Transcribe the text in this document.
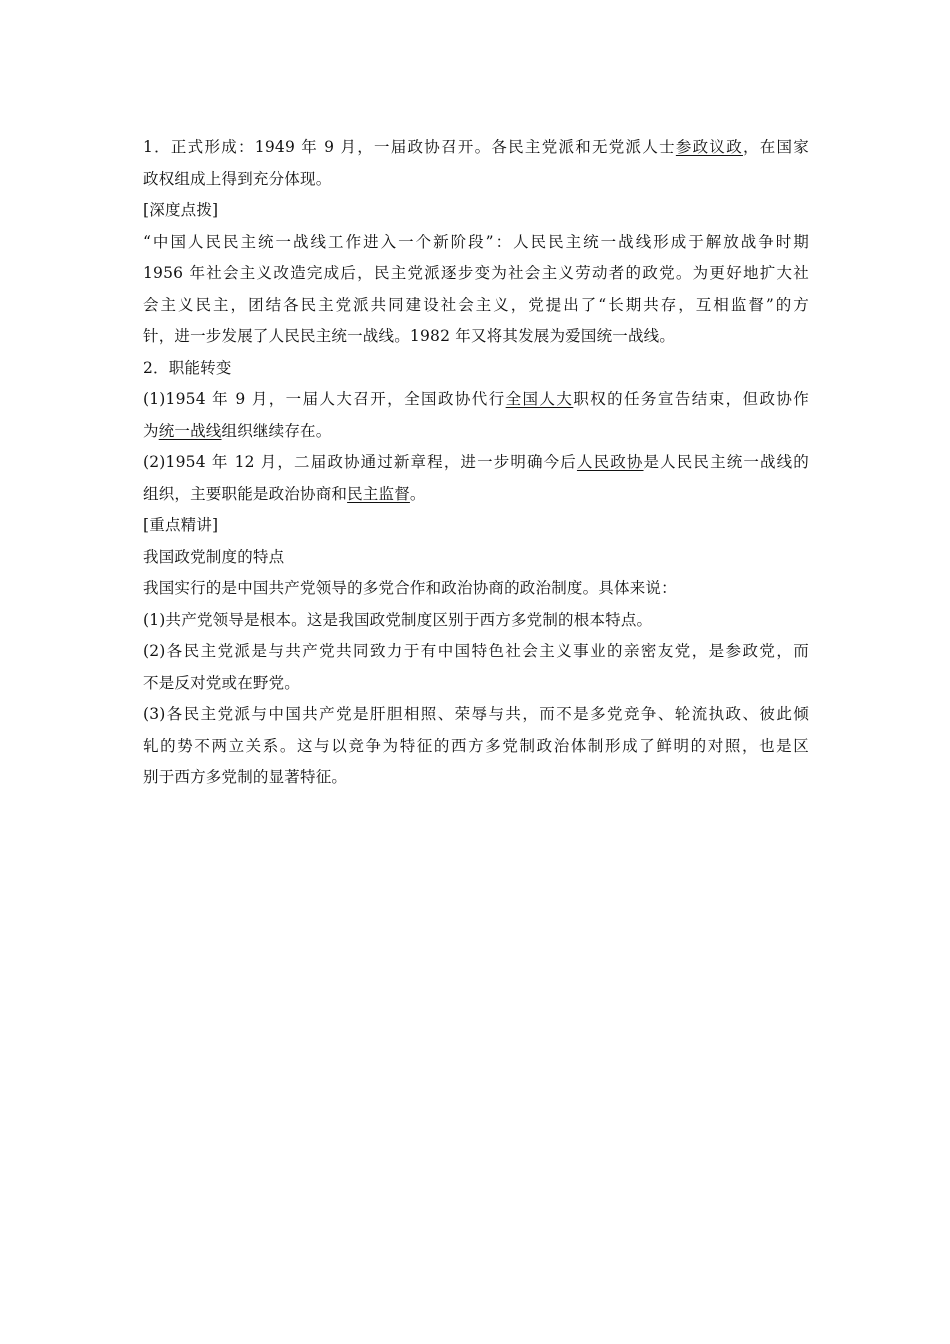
1．正式形成：1949 年 9 月，一届政协召开。各民主党派和无党派人士参政议政，在国家
政权组成上得到充分体现。
[深度点拨]
“中国人民民主统一战线工作进入一个新阶段”：人民民主统一战线形成于解放战争时期
1956 年社会主义改造完成后，民主党派逐步变为社会主义劳动者的政党。为更好地扩大社
会主义民主，团结各民主党派共同建设社会主义，党提出了“长期共存，互相监督”的方
针，进一步发展了人民民主统一战线。1982 年又将其发展为爱国统一战线。
2．职能转变
(1)1954 年 9 月，一届人大召开，全国政协代行全国人大职权的任务宣告结束，但政协作
为统一战线组织继续存在。
(2)1954 年 12 月，二届政协通过新章程，进一步明确今后人民政协是人民民主统一战线的
组织，主要职能是政治协商和民主监督。
[重点精讲]
我国政党制度的特点
我国实行的是中国共产党领导的多党合作和政治协商的政治制度。具体来说：
(1)共产党领导是根本。这是我国政党制度区别于西方多党制的根本特点。
(2)各民主党派是与共产党共同致力于有中国特色社会主义事业的亲密友党，是参政党，而
不是反对党或在野党。
(3)各民主党派与中国共产党是肝胆相照、荣辱与共，而不是多党竞争、轮流执政、彼此倾
轧的势不两立关系。这与以竞争为特征的西方多党制政治体制形成了鲜明的对照，也是区
别于西方多党制的显著特征。
